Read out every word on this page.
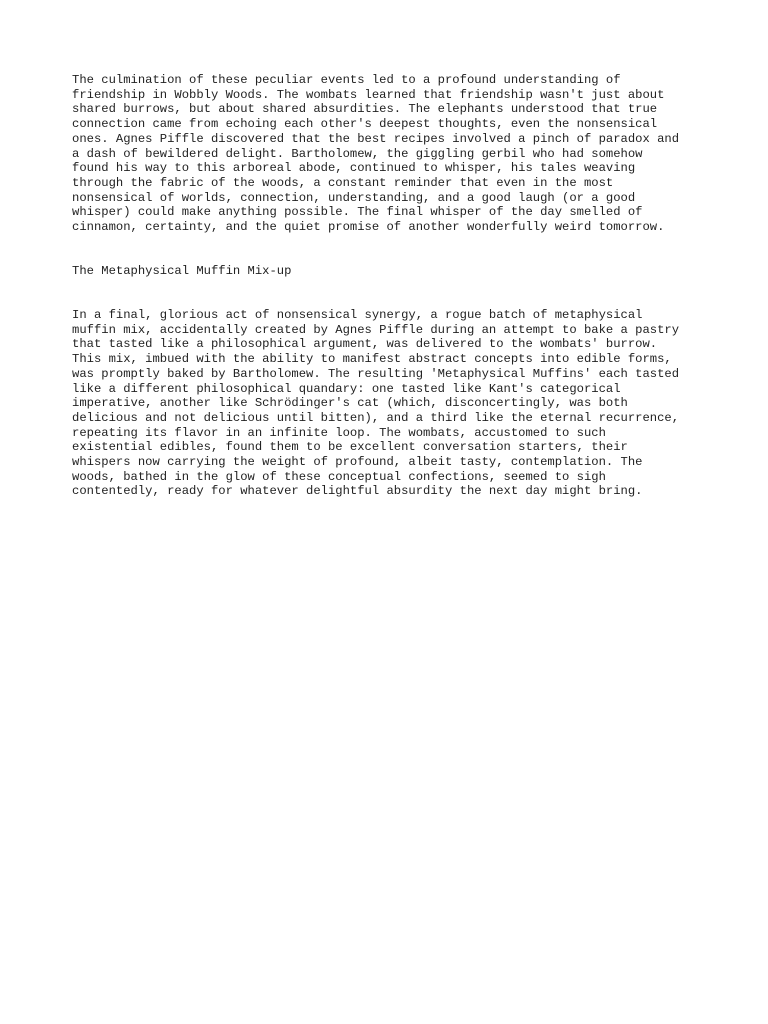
The culmination of these peculiar events led to a profound understanding of
friendship in Wobbly Woods. The wombats learned that friendship wasn't just about
shared burrows, but about shared absurdities. The elephants understood that true
connection came from echoing each other's deepest thoughts, even the nonsensical
ones. Agnes Piffle discovered that the best recipes involved a pinch of paradox and
a dash of bewildered delight. Bartholomew, the giggling gerbil who had somehow
found his way to this arboreal abode, continued to whisper, his tales weaving
through the fabric of the woods, a constant reminder that even in the most
nonsensical of worlds, connection, understanding, and a good laugh (or a good
whisper) could make anything possible. The final whisper of the day smelled of
cinnamon, certainty, and the quiet promise of another wonderfully weird tomorrow.

The Metaphysical Muffin Mix-up

In a final, glorious act of nonsensical synergy, a rogue batch of metaphysical
muffin mix, accidentally created by Agnes Piffle during an attempt to bake a pastry
that tasted like a philosophical argument, was delivered to the wombats' burrow.
This mix, imbued with the ability to manifest abstract concepts into edible forms,
was promptly baked by Bartholomew. The resulting 'Metaphysical Muffins' each tasted
like a different philosophical quandary: one tasted like Kant's categorical
imperative, another like Schrödinger's cat (which, disconcertingly, was both
delicious and not delicious until bitten), and a third like the eternal recurrence,
repeating its flavor in an infinite loop. The wombats, accustomed to such
existential edibles, found them to be excellent conversation starters, their
whispers now carrying the weight of profound, albeit tasty, contemplation. The
woods, bathed in the glow of these conceptual confections, seemed to sigh
contentedly, ready for whatever delightful absurdity the next day might bring.
